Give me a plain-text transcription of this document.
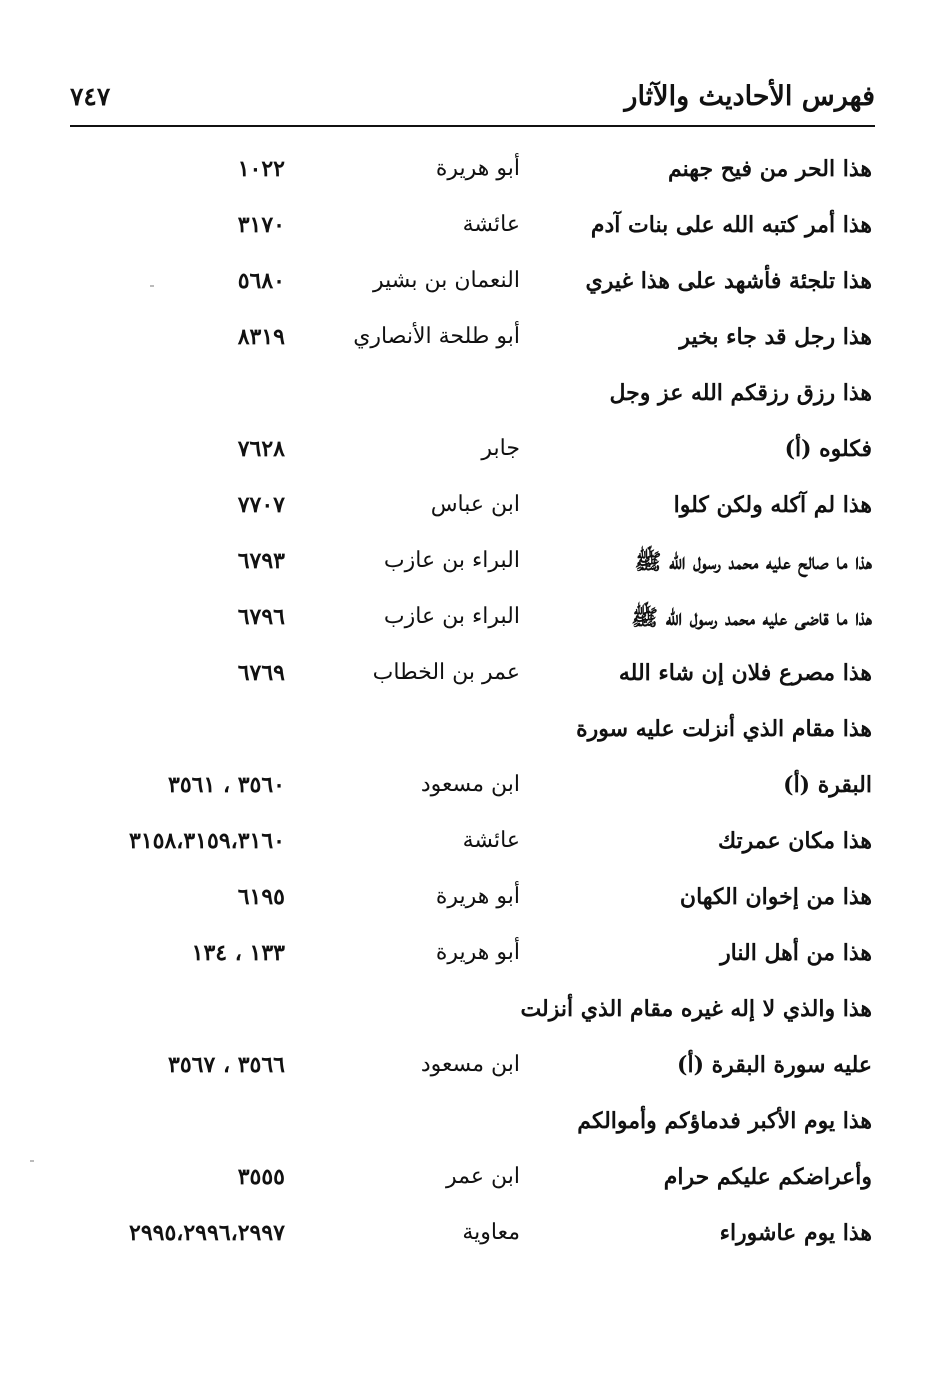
٧٤٧	فهرس الأحاديث والآثار
هذا الحر من فيح جهنم
أبو هريرة
١٠٢٢
هذا أمر كتبه الله على بنات آدم
عائشة
٣١٧٠
هذا تلجئة فأشهد على هذا غيري
النعمان بن بشير
٥٦٨٠
هذا رجل قد جاء بخير
أبو طلحة الأنصاري
٨٣١٩
هذا رزق رزقكم الله عز وجل
فكلوه (أ)
جابر
٧٦٢٨
هذا لم آكله ولكن كلوا
ابن عباس
٧٧٠٧
هذا ما صالح عليه محمد رسول الله ﷺ
البراء بن عازب
٦٧٩٣
هذا ما قاضى عليه محمد رسول الله ﷺ
البراء بن عازب
٦٧٩٦
هذا مصرع فلان إن شاء الله
عمر بن الخطاب
٦٧٦٩
هذا مقام الذي أنزلت عليه سورة
البقرة (أ)
ابن مسعود
٣٥٦٠ ، ٣٥٦١
هذا مكان عمرتك
عائشة
٣١٥٨،٣١٥٩،٣١٦٠
هذا من إخوان الكهان
أبو هريرة
٦١٩٥
هذا من أهل النار
أبو هريرة
١٣٣ ، ١٣٤
هذا والذي لا إله غيره مقام الذي أنزلت
عليه سورة البقرة (أ)
ابن مسعود
٣٥٦٦ ، ٣٥٦٧
هذا يوم الأكبر فدماؤكم وأموالكم
وأعراضكم عليكم حرام
ابن عمر
٣٥٥٥
هذا يوم عاشوراء
معاوية
٢٩٩٥،٢٩٩٦،٢٩٩٧
